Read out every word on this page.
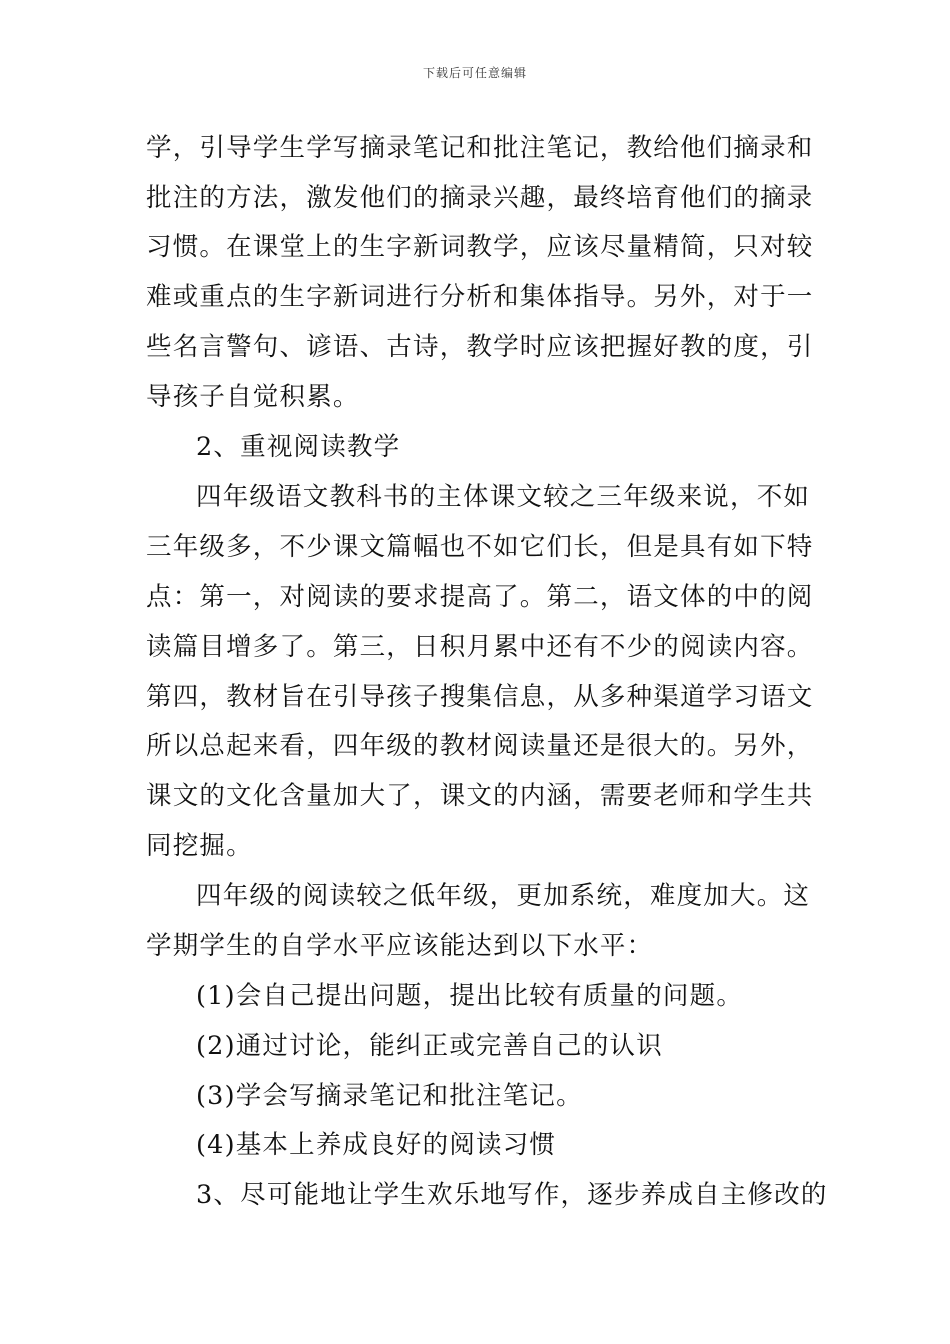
下载后可任意编辑
学，引导学生学写摘录笔记和批注笔记，教给他们摘录和
批注的方法，激发他们的摘录兴趣，最终培育他们的摘录
习惯。在课堂上的生字新词教学，应该尽量精简，只对较
难或重点的生字新词进行分析和集体指导。另外，对于一
些名言警句、谚语、古诗，教学时应该把握好教的度，引
导孩子自觉积累。
2、重视阅读教学
四年级语文教科书的主体课文较之三年级来说，不如
三年级多，不少课文篇幅也不如它们长，但是具有如下特
点：第一，对阅读的要求提高了。第二，语文体的中的阅
读篇目增多了。第三，日积月累中还有不少的阅读内容。
第四，教材旨在引导孩子搜集信息，从多种渠道学习语文
所以总起来看，四年级的教材阅读量还是很大的。另外，
课文的文化含量加大了，课文的内涵，需要老师和学生共
同挖掘。
四年级的阅读较之低年级，更加系统，难度加大。这
学期学生的自学水平应该能达到以下水平：
(1)会自己提出问题，提出比较有质量的问题。
(2)通过讨论，能纠正或完善自己的认识
(3)学会写摘录笔记和批注笔记。
(4)基本上养成良好的阅读习惯
3、尽可能地让学生欢乐地写作，逐步养成自主修改的
